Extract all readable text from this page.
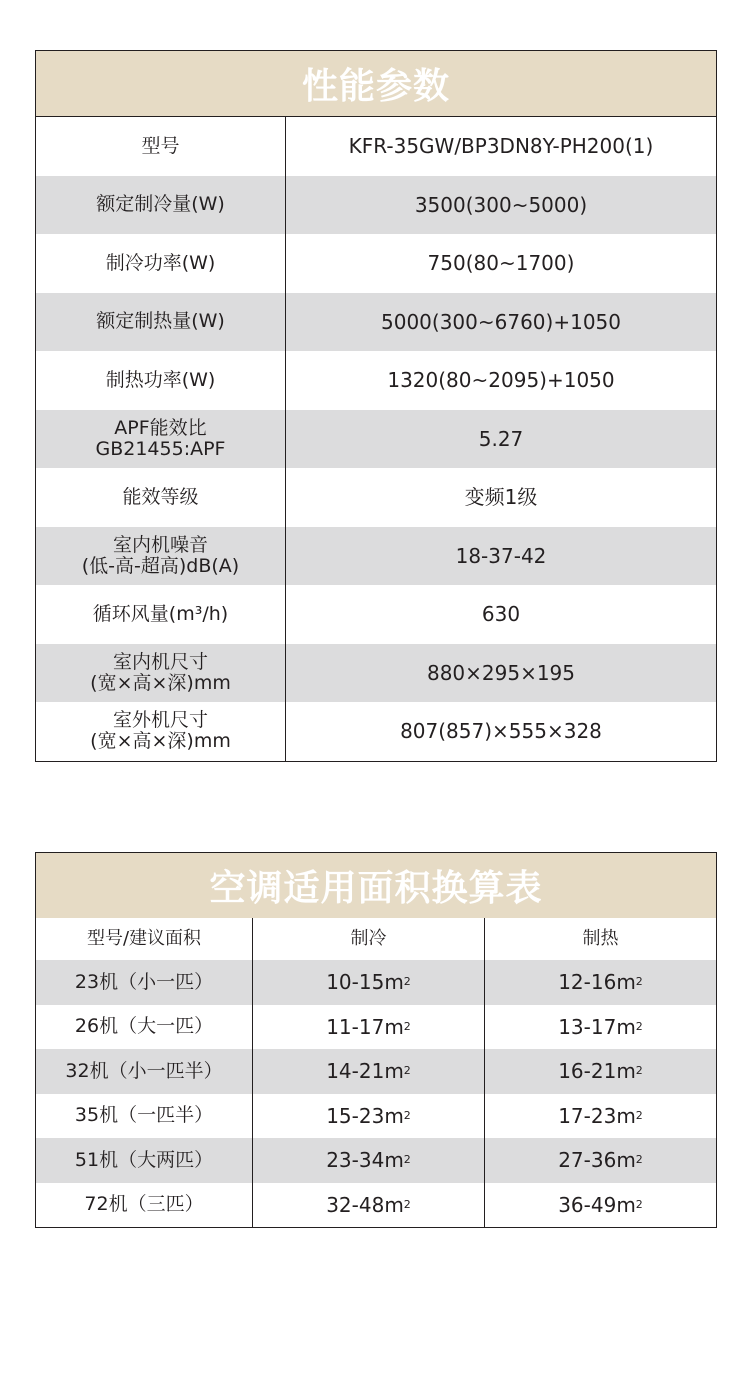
性能参数
型号	KFR-35GW/BP3DN8Y-PH200(1)
额定制冷量(W)	3500(300~5000)
制冷功率(W)	750(80~1700)
额定制热量(W)	5000(300~6760)+1050
制热功率(W)	1320(80~2095)+1050
APF能效比
GB21455:APF	5.27
能效等级	变频1级
室内机噪音
(低-高-超高)dB(A)	18-37-42
循环风量(m³/h)	630
室内机尺寸
(宽×高×深)mm	880×295×195
室外机尺寸
(宽×高×深)mm	807(857)×555×328
空调适用面积换算表
型号/建议面积	制冷	制热
23机（小一匹）	10-15 m 2	12-16 m 2
26机（大一匹）	11-17 m 2	13-17 m 2
32机（小一匹半）	14-21 m 2	16-21 m 2
35机（一匹半）	15-23 m 2	17-23 m 2
51机（大两匹）	23-34 m 2	27-36 m 2
72机（三匹）	32-48 m 2	36-49 m 2
